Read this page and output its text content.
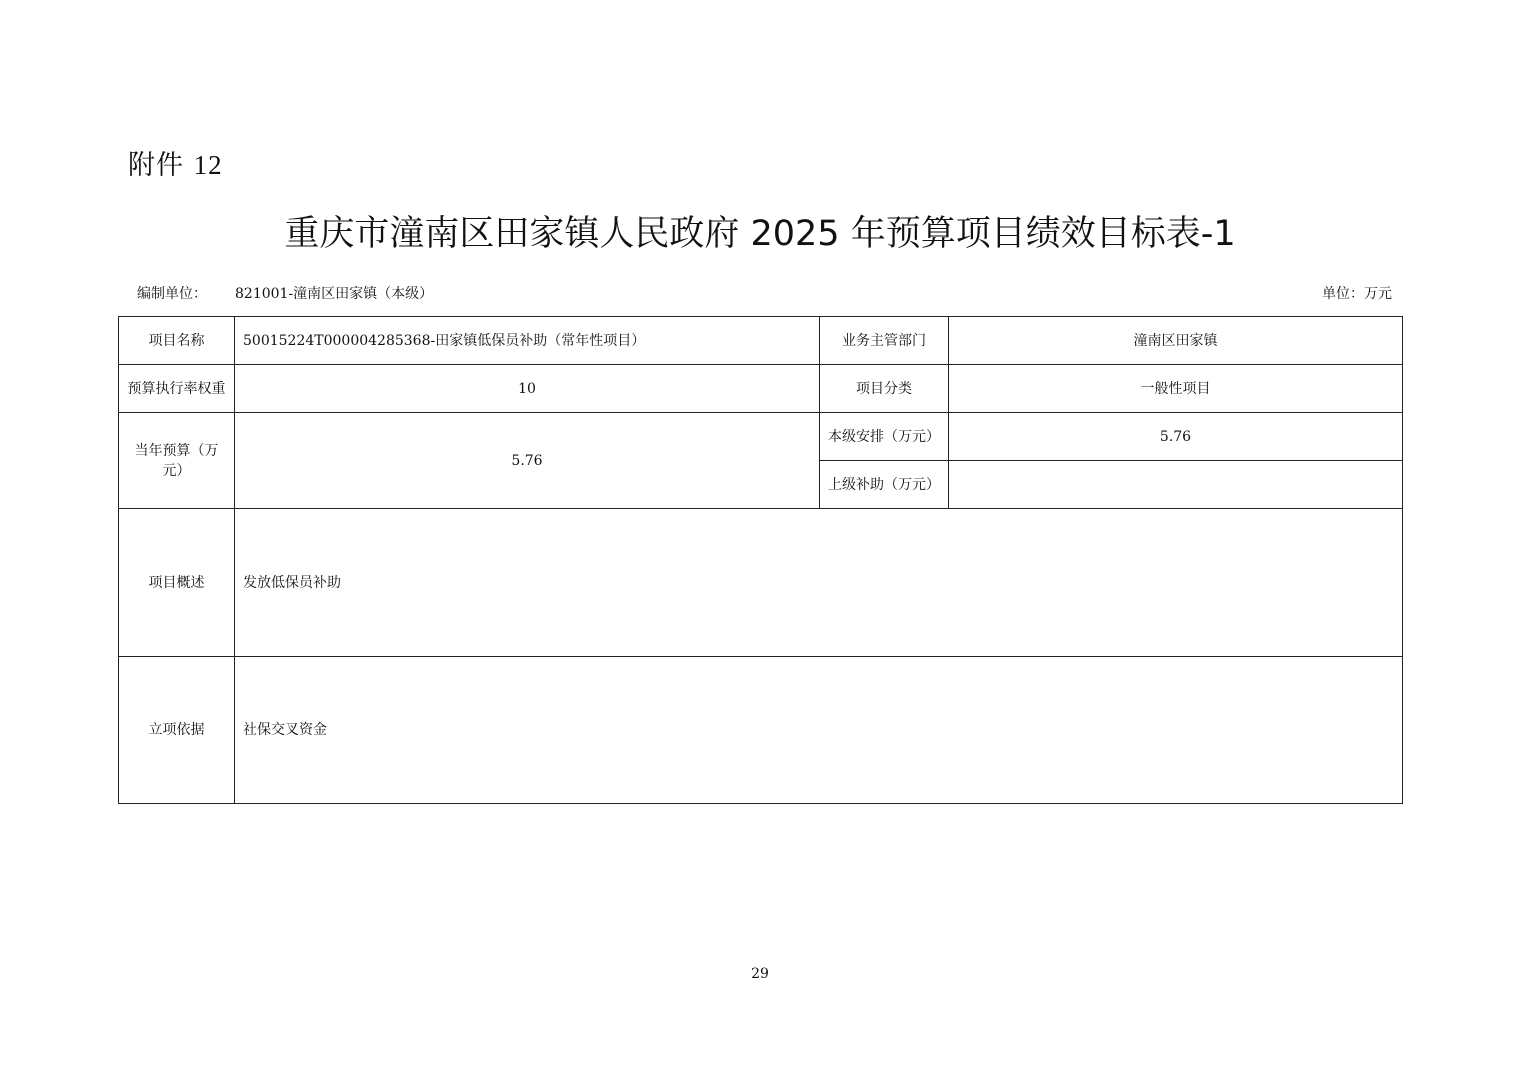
附件 12
重庆市潼南区田家镇人民政府 2025 年预算项目绩效目标表-1
编制单位： 821001-潼南区田家镇（本级）	单位：万元
项目名称	50015224T000004285368-田家镇低保员补助（常年性项目）	业务主管部门	潼南区田家镇
预算执行率权重	10	项目分类	一般性项目
当年预算（万元）	5.76	本级安排（万元）	5.76
		上级补助（万元）	
项目概述	发放低保员补助		
立项依据	社保交叉资金		
29
